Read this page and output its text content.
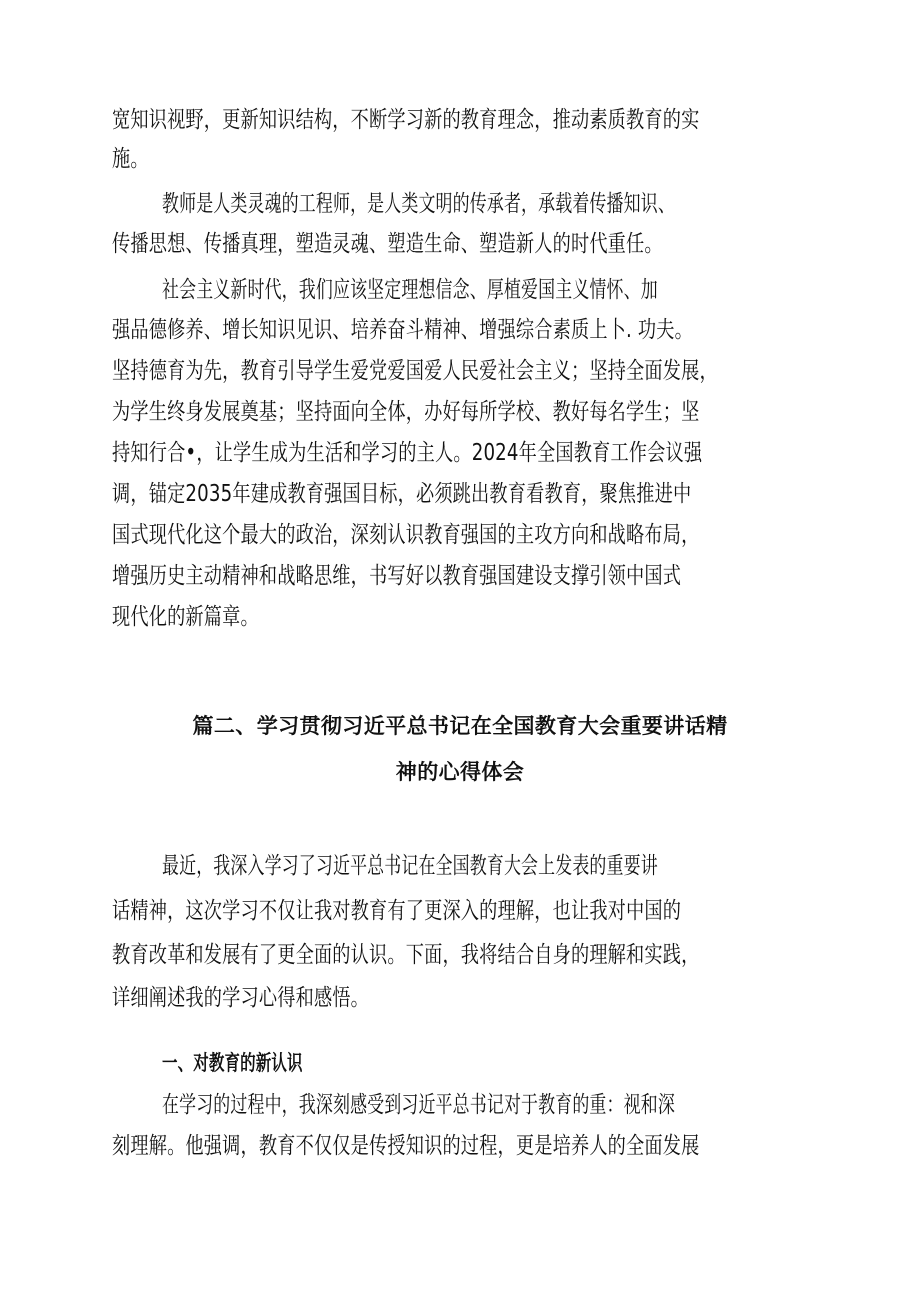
宽知识视野，更新知识结构，不断学习新的教育理念，推动素质教育的实
施。
教师是人类灵魂的工程师，是人类文明的传承者，承载着传播知识、
传播思想、传播真理，塑造灵魂、塑造生命、塑造新人的时代重任。
社会主义新时代，我们应该坚定理想信念、厚植爱国主义情怀、加
强品德修养、增长知识见识、培养奋斗精神、增强综合素质上卜. 功夫。
坚持德育为先，教育引导学生爱党爱国爱人民爱社会主义；坚持全面发展，
为学生终身发展奠基；坚持面向全体，办好每所学校、教好每名学生；坚
持知行合•，让学生成为生活和学习的主人。2024年全国教育工作会议强
调，锚定2035年建成教育强国目标，必须跳出教育看教育，聚焦推进中
国式现代化这个最大的政治，深刻认识教育强国的主攻方向和战略布局，
增强历史主动精神和战略思维，书写好以教育强国建设支撑引领中国式
现代化的新篇章。
篇二、学习贯彻习近平总书记在全国教育大会重要讲话精
神的心得体会
最近，我深入学习了习近平总书记在全国教育大会上发表的重要讲
话精神，这次学习不仅让我对教育有了更深入的理解，也让我对中国的
教育改革和发展有了更全面的认识。下面，我将结合自身的理解和实践，
详细阐述我的学习心得和感悟。
一、对教育的新认识
在学习的过程中，我深刻感受到习近平总书记对于教育的重：视和深
刻理解。他强调，教育不仅仅是传授知识的过程，更是培养人的全面发展
